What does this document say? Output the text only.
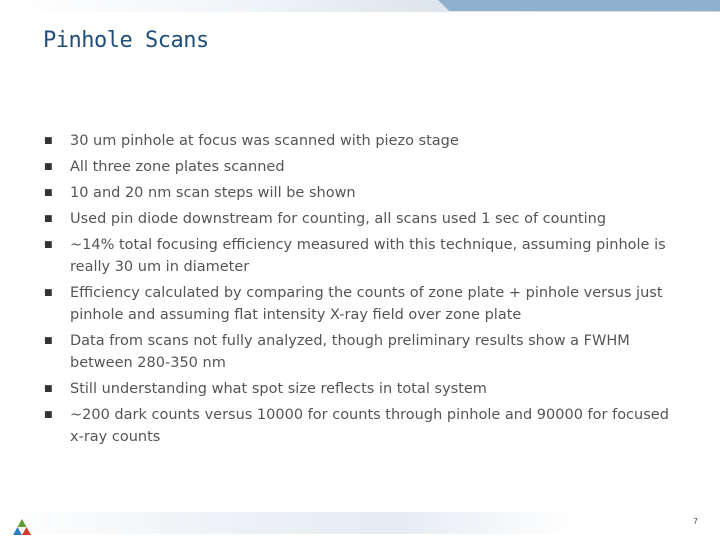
Pinhole Scans
■	30 um pinhole at focus was scanned with piezo stage
■	All three zone plates scanned
■	10 and 20 nm scan steps will be shown
■	Used pin diode downstream for counting, all scans used 1 sec of counting
■	~14% total focusing efficiency measured with this technique, assuming pinhole is really 30 um in diameter
■	Efficiency calculated by comparing the counts of zone plate + pinhole versus just pinhole and assuming flat intensity X-ray field over zone plate
■	Data from scans not fully analyzed, though preliminary results show a FWHM between 280-350 nm
■	Still understanding what spot size reflects in total system
■	~200 dark counts versus 10000 for counts through pinhole and 90000 for focused x-ray counts
7
